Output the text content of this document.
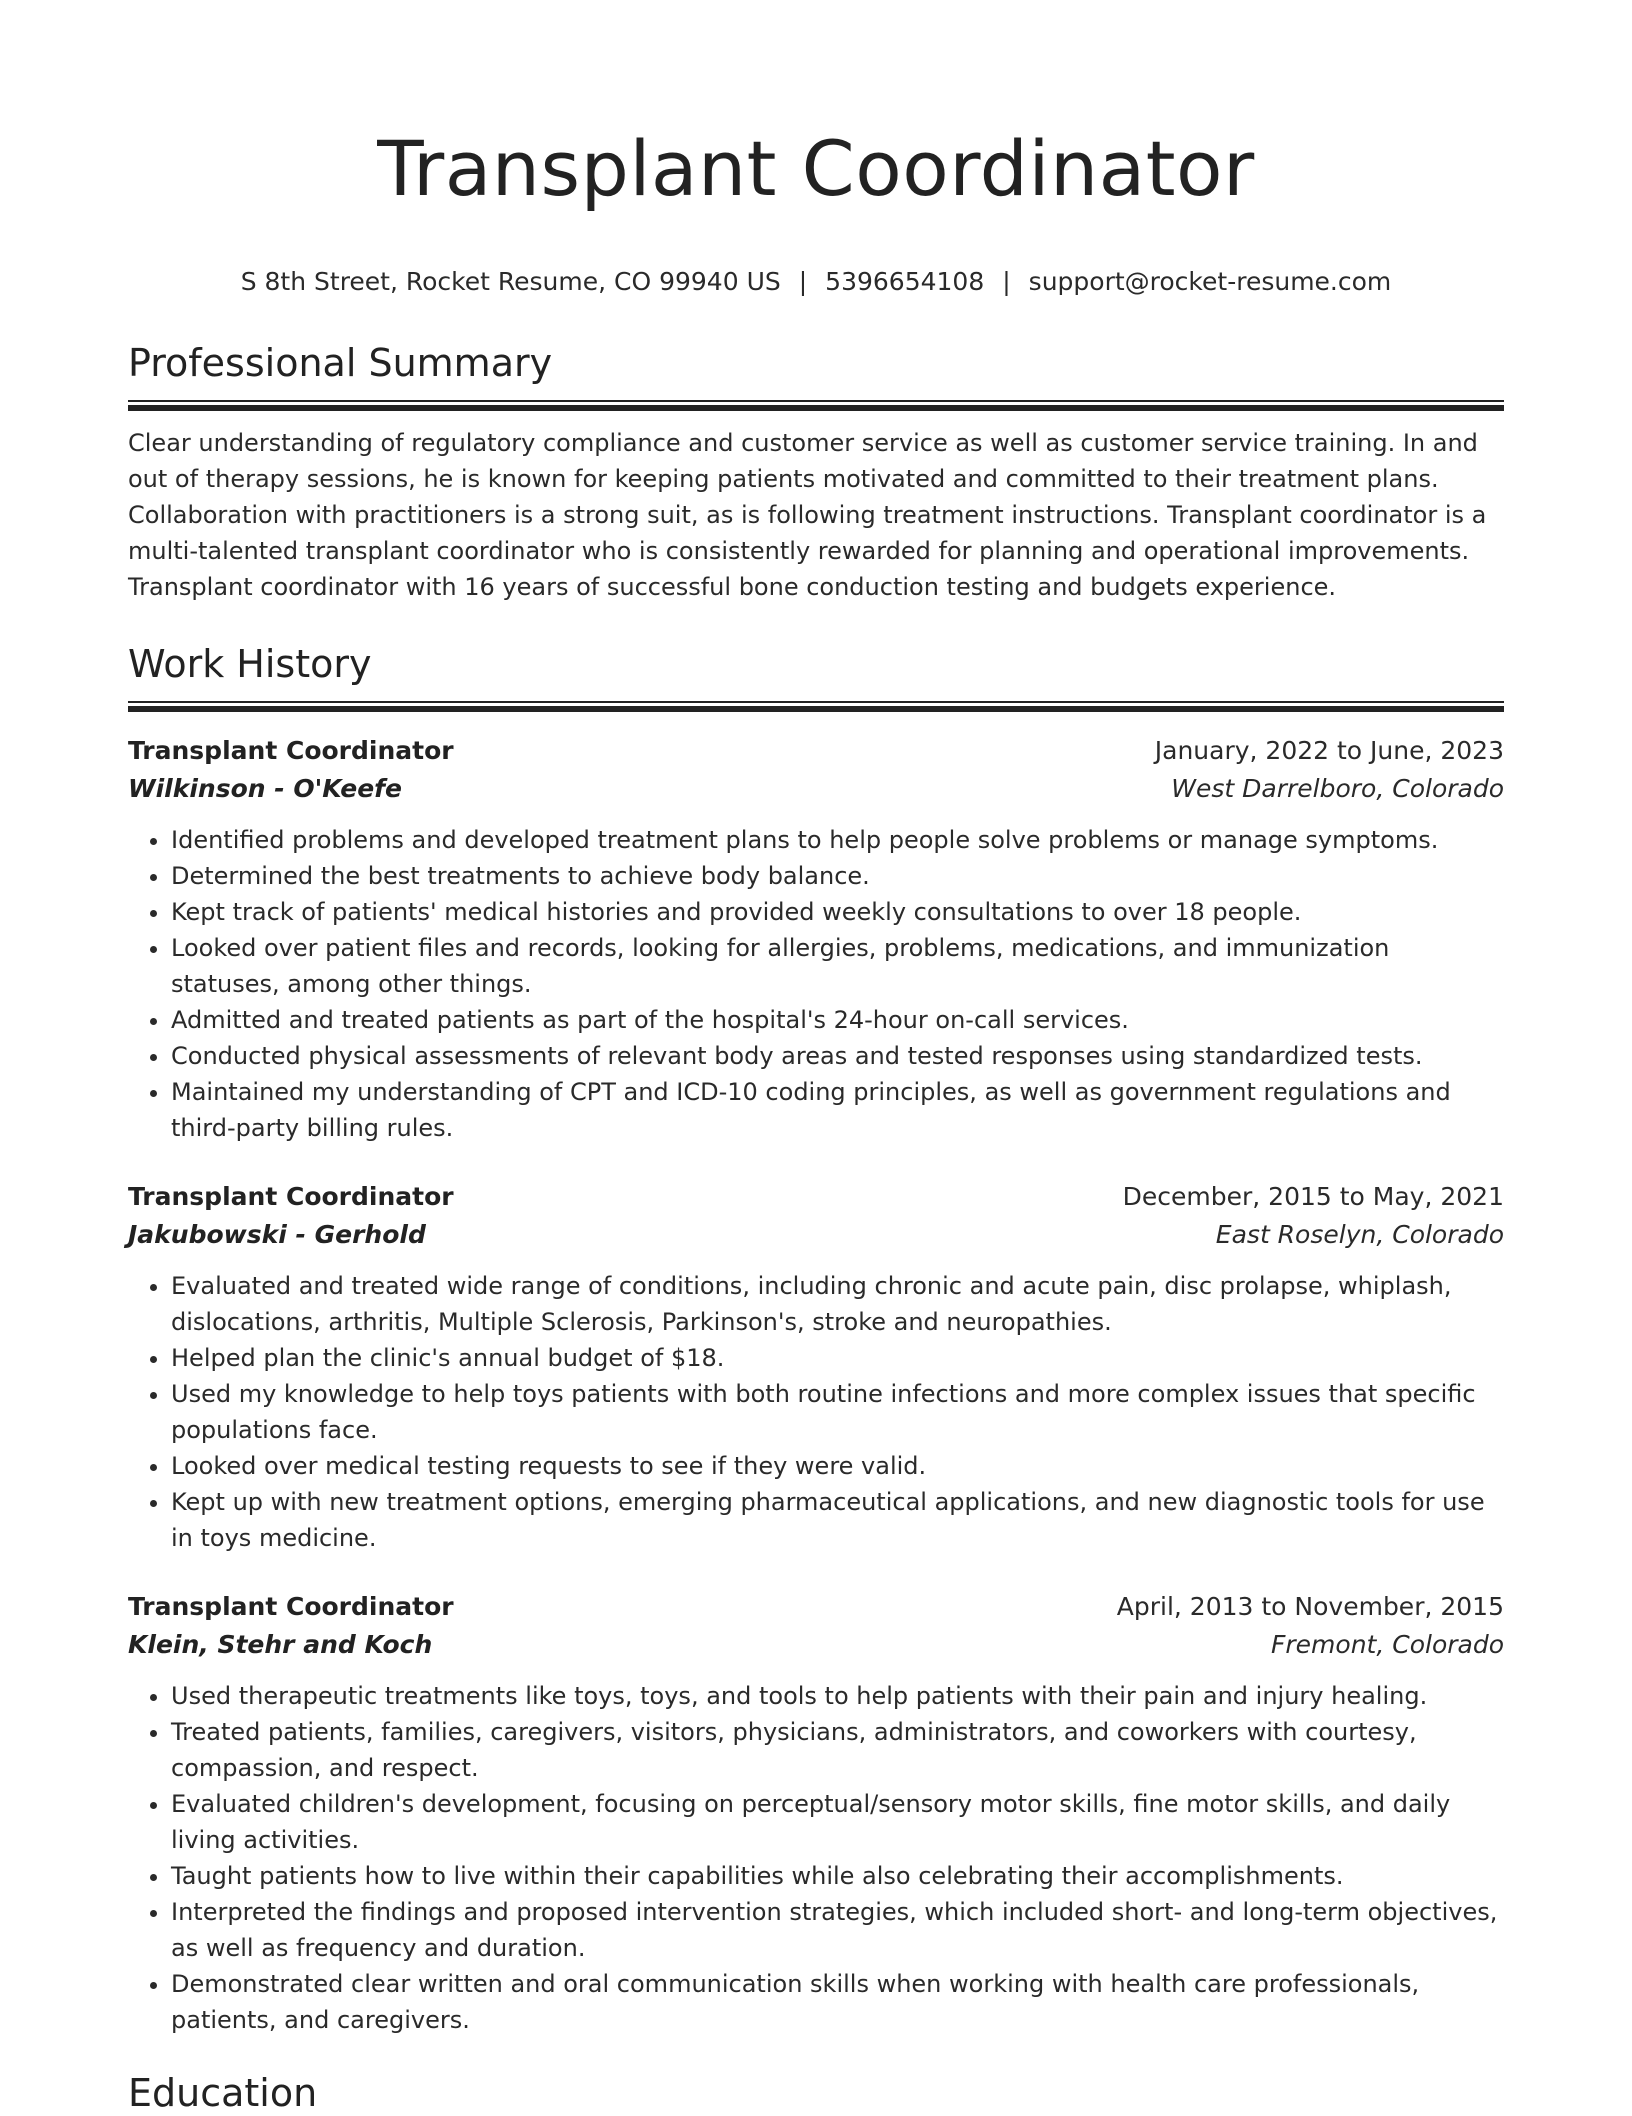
Transplant Coordinator
S 8th Street, Rocket Resume, CO 99940 US | 5396654108 | support@rocket-resume.com
Professional Summary

Clear understanding of regulatory compliance and customer service as well as customer service training. In and out of therapy sessions, he is known for keeping patients motivated and committed to their treatment plans. Collaboration with practitioners is a strong suit, as is following treatment instructions. Transplant coordinator is a multi-talented transplant coordinator who is consistently rewarded for planning and operational improvements. Transplant coordinator with 16 years of successful bone conduction testing and budgets experience.

Work History
Transplant Coordinator	January, 2022 to June, 2023
Wilkinson - O'Keefe	West Darrelboro, Colorado
• Identified problems and developed treatment plans to help people solve problems or manage symptoms.
• Determined the best treatments to achieve body balance.
• Kept track of patients' medical histories and provided weekly consultations to over 18 people.
• Looked over patient files and records, looking for allergies, problems, medications, and immunization statuses, among other things.
• Admitted and treated patients as part of the hospital's 24-hour on-call services.
• Conducted physical assessments of relevant body areas and tested responses using standardized tests.
• Maintained my understanding of CPT and ICD-10 coding principles, as well as government regulations and third-party billing rules.
Transplant Coordinator	December, 2015 to May, 2021
Jakubowski - Gerhold	East Roselyn, Colorado
• Evaluated and treated wide range of conditions, including chronic and acute pain, disc prolapse, whiplash, dislocations, arthritis, Multiple Sclerosis, Parkinson's, stroke and neuropathies.
• Helped plan the clinic's annual budget of $18.
• Used my knowledge to help toys patients with both routine infections and more complex issues that specific populations face.
• Looked over medical testing requests to see if they were valid.
• Kept up with new treatment options, emerging pharmaceutical applications, and new diagnostic tools for use in toys medicine.
Transplant Coordinator	April, 2013 to November, 2015
Klein, Stehr and Koch	Fremont, Colorado
• Used therapeutic treatments like toys, toys, and tools to help patients with their pain and injury healing.
• Treated patients, families, caregivers, visitors, physicians, administrators, and coworkers with courtesy, compassion, and respect.
• Evaluated children's development, focusing on perceptual/sensory motor skills, fine motor skills, and daily living activities.
• Taught patients how to live within their capabilities while also celebrating their accomplishments.
• Interpreted the findings and proposed intervention strategies, which included short- and long-term objectives, as well as frequency and duration.
• Demonstrated clear written and oral communication skills when working with health care professionals, patients, and caregivers.
Education
